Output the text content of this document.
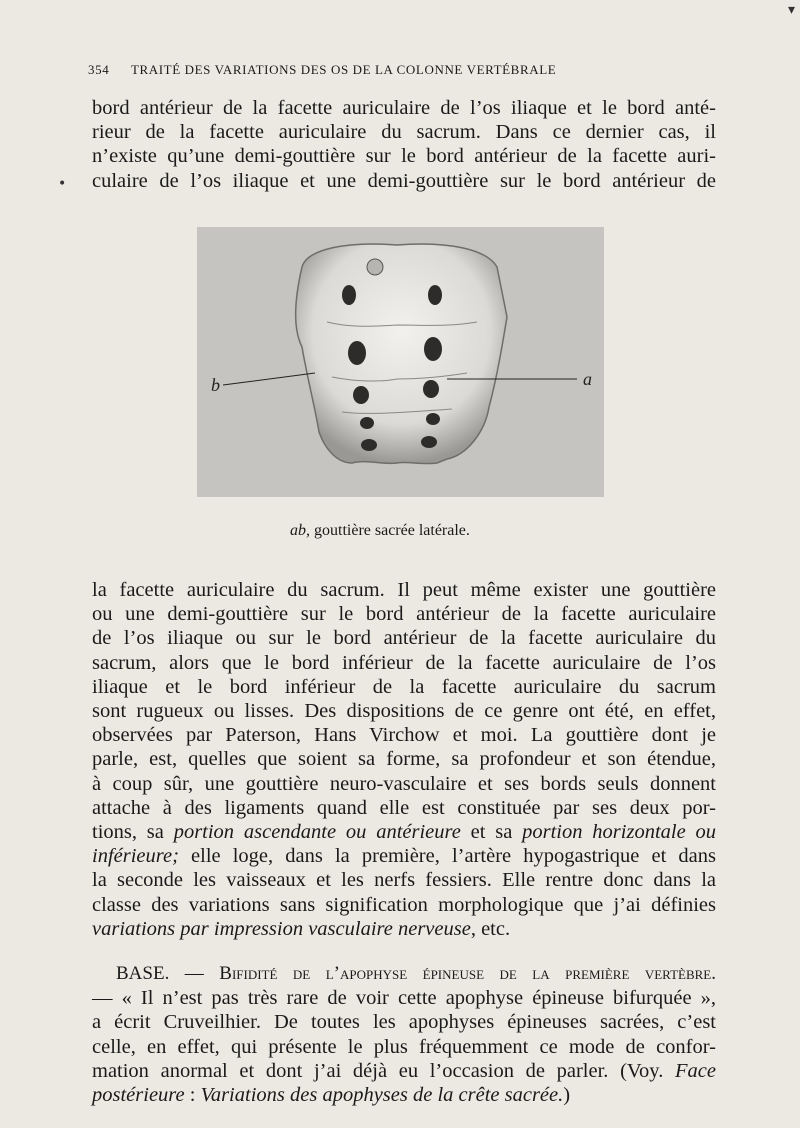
354 TRAITÉ DES VARIATIONS DES OS DE LA COLONNE VERTÉBRALE
bord antérieur de la facette auriculaire de l’os iliaque et le bord anté-
rieur de la facette auriculaire du sacrum. Dans ce dernier cas, il
n’existe qu’une demi-gouttière sur le bord antérieur de la facette auri-
culaire de l’os iliaque et une demi-gouttière sur le bord antérieur de
b	a
ab, gouttière sacrée latérale.
la facette auriculaire du sacrum. Il peut même exister une gouttière
ou une demi-gouttière sur le bord antérieur de la facette auriculaire
de l’os iliaque ou sur le bord antérieur de la facette auriculaire du
sacrum, alors que le bord inférieur de la facette auriculaire de l’os
iliaque et le bord inférieur de la facette auriculaire du sacrum
sont rugueux ou lisses. Des dispositions de ce genre ont été, en effet,
observées par Paterson, Hans Virchow et moi. La gouttière dont je
parle, est, quelles que soient sa forme, sa profondeur et son étendue,
à coup sûr, une gouttière neuro-vasculaire et ses bords seuls donnent
attache à des ligaments quand elle est constituée par ses deux por-
tions, sa portion ascendante ou antérieure et sa portion horizontale ou
inférieure; elle loge, dans la première, l’artère hypogastrique et dans
la seconde les vaisseaux et les nerfs fessiers. Elle rentre donc dans la
classe des variations sans signification morphologique que j’ai définies
variations par impression vasculaire nerveuse, etc.
BASE. — Bifidité de l’apophyse épineuse de la première vertèbre.
— « Il n’est pas très rare de voir cette apophyse épineuse bifurquée »,
a écrit Cruveilhier. De toutes les apophyses épineuses sacrées, c’est
celle, en effet, qui présente le plus fréquemment ce mode de confor-
mation anormal et dont j’ai déjà eu l’occasion de parler. (Voy. Face
postérieure : Variations des apophyses de la crête sacrée.)
•
▾
